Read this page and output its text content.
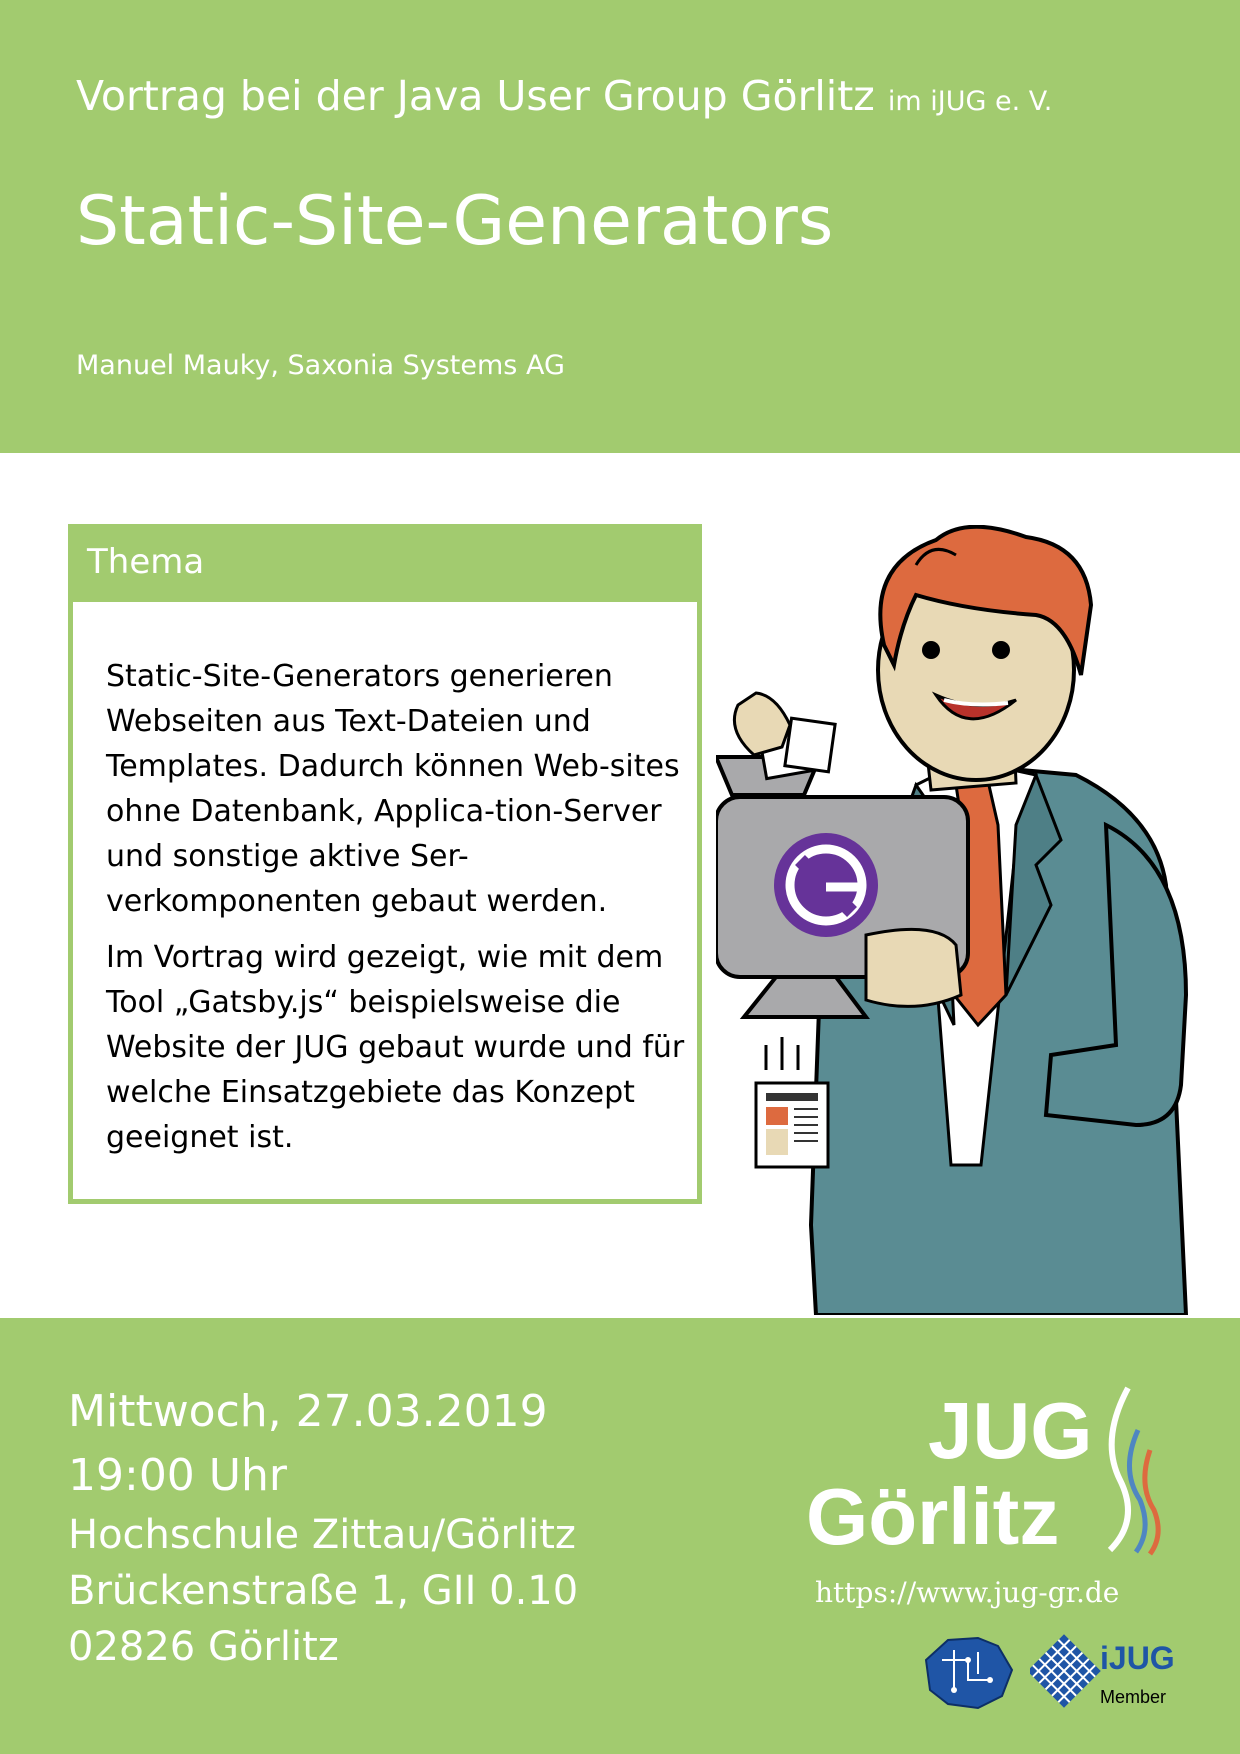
Vortrag bei der Java User Group Görlitz im iJUG e. V.
Static-Site-Generators
Manuel Mauky, Saxonia Systems AG
Thema

Static-Site-Generators generieren Webseiten aus Text-Dateien und Templates. Dadurch können Web-sites ohne Datenbank, Applica-tion-Server und sonstige aktive Ser-verkomponenten gebaut werden.

Im Vortrag wird gezeigt, wie mit dem Tool „Gatsby.js“ beispielsweise die Website der JUG gebaut wurde und für welche Einsatzgebiete das Konzept geeignet ist.

Mittwoch, 27.03.2019
19:00 Uhr
Hochschule Zittau/Görlitz
Brückenstraße 1, GII 0.10
02826 Görlitz
JUG
Görlitz
https://www.jug-gr.de
iJUG
Member
